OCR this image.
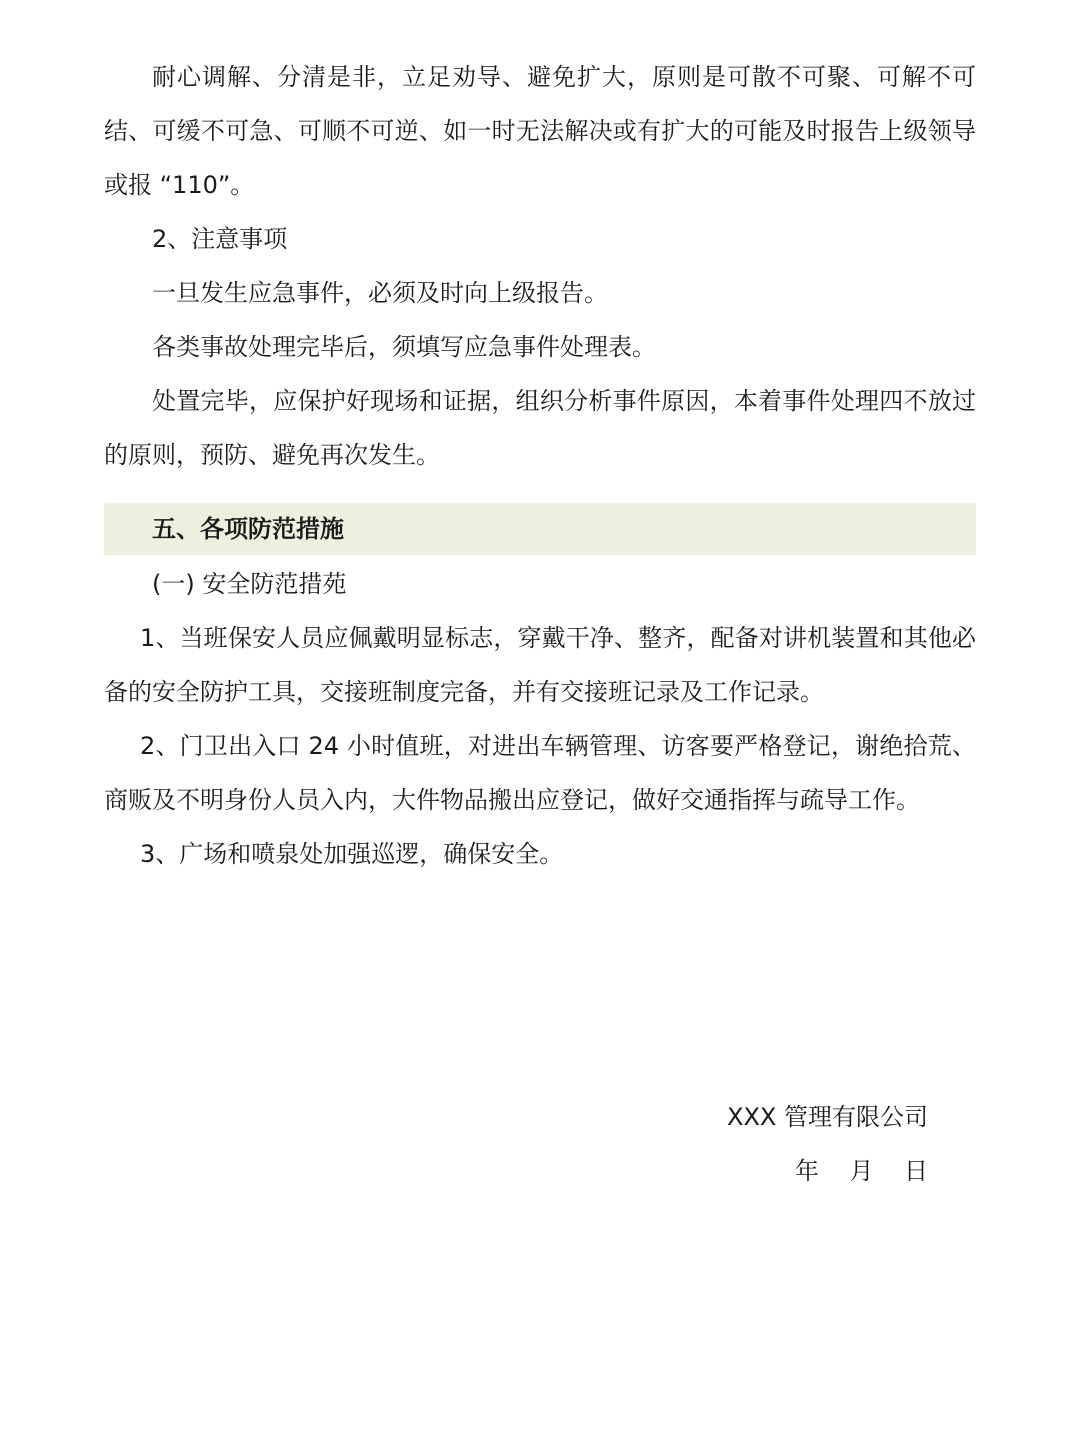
耐心调解、分清是非，立足劝导、避免扩大，原则是可散不可聚、可解不可结、可缓不可急、可顺不可逆、如一时无法解决或有扩大的可能及时报告上级领导或报 “110”。

2、注意事项

一旦发生应急事件，必须及时向上级报告。

各类事故处理完毕后，须填写应急事件处理表。

处置完毕，应保护好现场和证据，组织分析事件原因，本着事件处理四不放过的原则，预防、避免再次发生。

五、各项防范措施

(一) 安全防范措苑

1、当班保安人员应佩戴明显标志，穿戴干净、整齐，配备对讲机装置和其他必备的安全防护工具，交接班制度完备，并有交接班记录及工作记录。

2、门卫出入口 24 小时值班，对进出车辆管理、访客要严格登记，谢绝拾荒、商贩及不明身份人员入内，大件物品搬出应登记，做好交通指挥与疏导工作。

3、广场和喷泉处加强巡逻，确保安全。

XXX 管理有限公司
年    月    日
